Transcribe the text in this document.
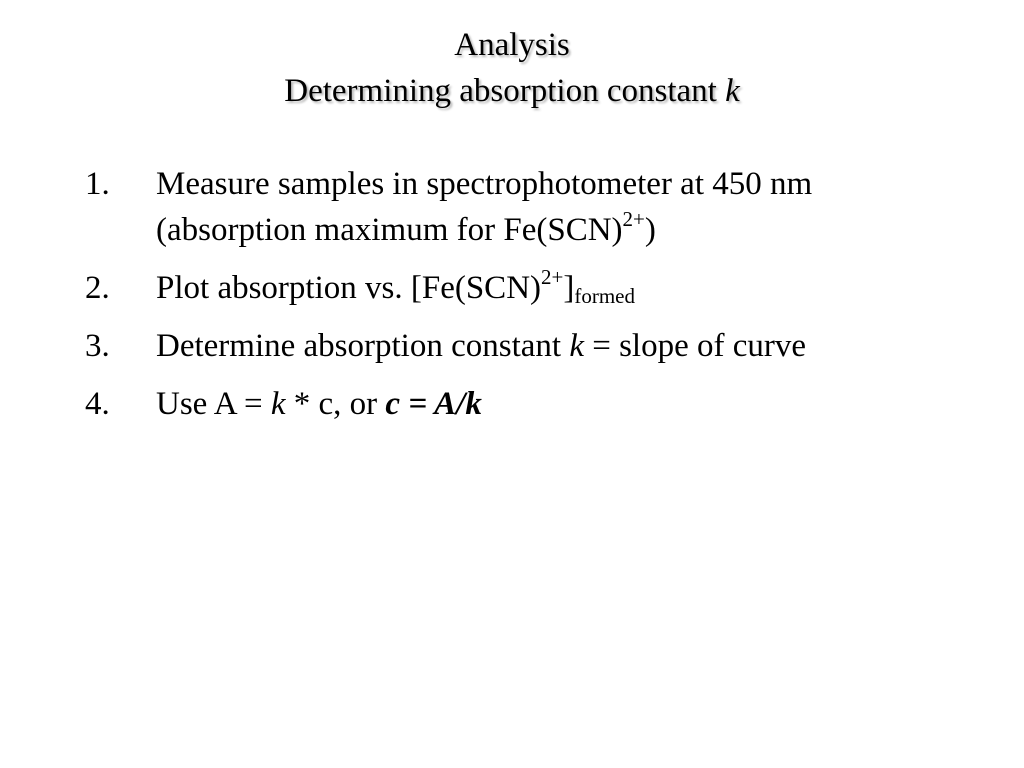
Analysis
Determining absorption constant k
1.	Measure samples in spectrophotometer at 450 nm (absorption maximum for Fe(SCN)$^{2+}$)
2.	Plot absorption vs. $[Fe(SCN)^{2+}]_{formed}$
3.	Determine absorption constant k = slope of curve
4.	Use A = k * c, or c = A/k
